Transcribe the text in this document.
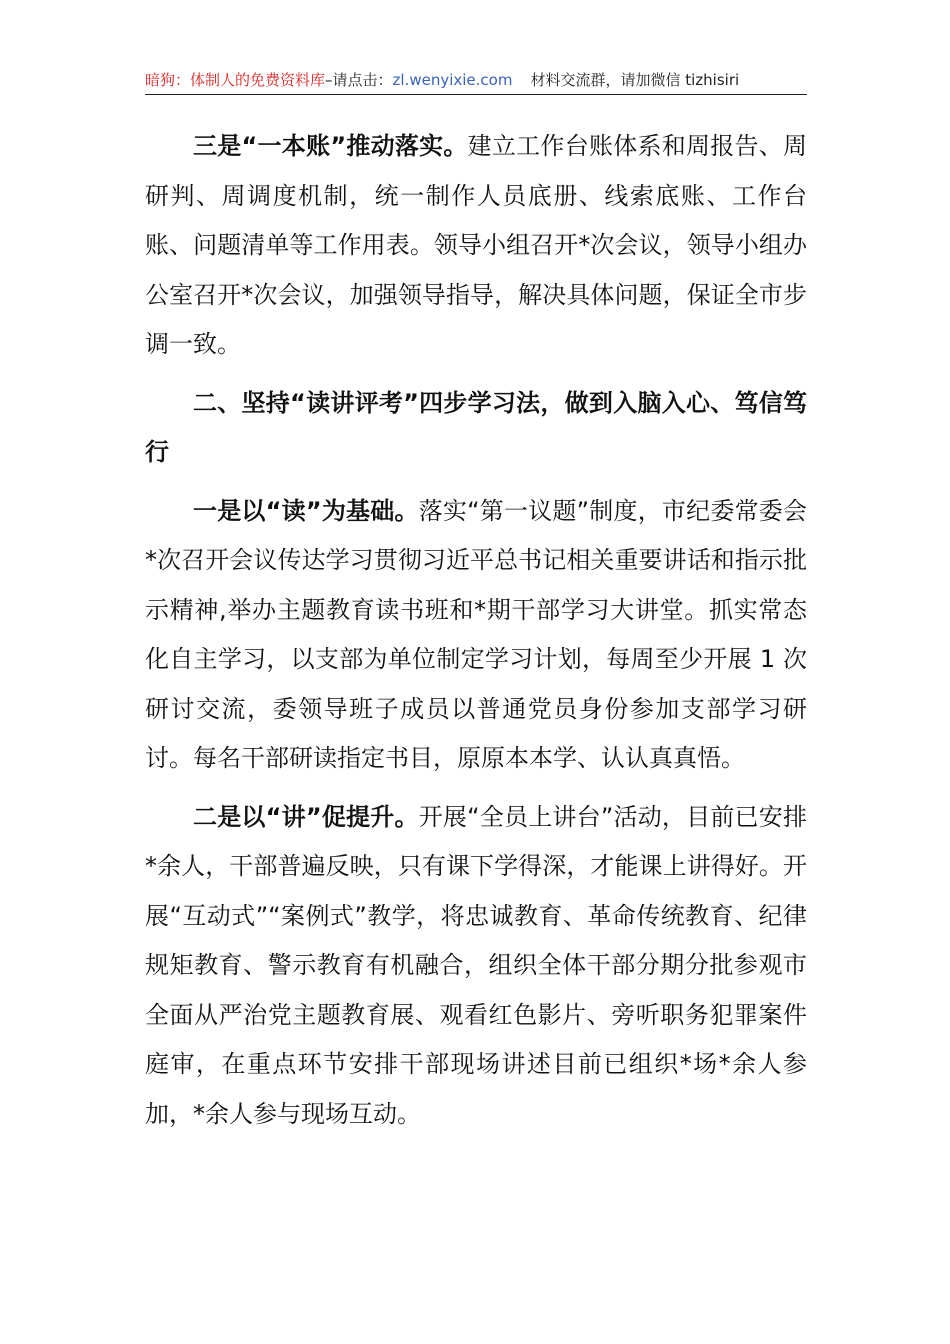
暗狗：体制人的免费资料库–请点击：zl.wenyixie.com 材料交流群，请加微信 tizhisiri

三是“一本账”推动落实。建立工作台账体系和周报告、周研判、周调度机制，统一制作人员底册、线索底账、工作台账、问题清单等工作用表。领导小组召开*次会议，领导小组办公室召开*次会议，加强领导指导，解决具体问题，保证全市步调一致。

二、坚持“读讲评考”四步学习法，做到入脑入心、笃信笃行

一是以“读”为基础。落实“第一议题”制度，市纪委常委会*次召开会议传达学习贯彻习近平总书记相关重要讲话和指示批示精神,举办主题教育读书班和*期干部学习大讲堂。抓实常态化自主学习，以支部为单位制定学习计划，每周至少开展 1 次研讨交流，委领导班子成员以普通党员身份参加支部学习研讨。每名干部研读指定书目，原原本本学、认认真真悟。

二是以“讲”促提升。开展“全员上讲台”活动，目前已安排*余人，干部普遍反映，只有课下学得深，才能课上讲得好。开展“互动式”“案例式”教学，将忠诚教育、革命传统教育、纪律规矩教育、警示教育有机融合，组织全体干部分期分批参观市全面从严治党主题教育展、观看红色影片、旁听职务犯罪案件庭审，在重点环节安排干部现场讲述目前已组织*场*余人参加，*余人参与现场互动。
